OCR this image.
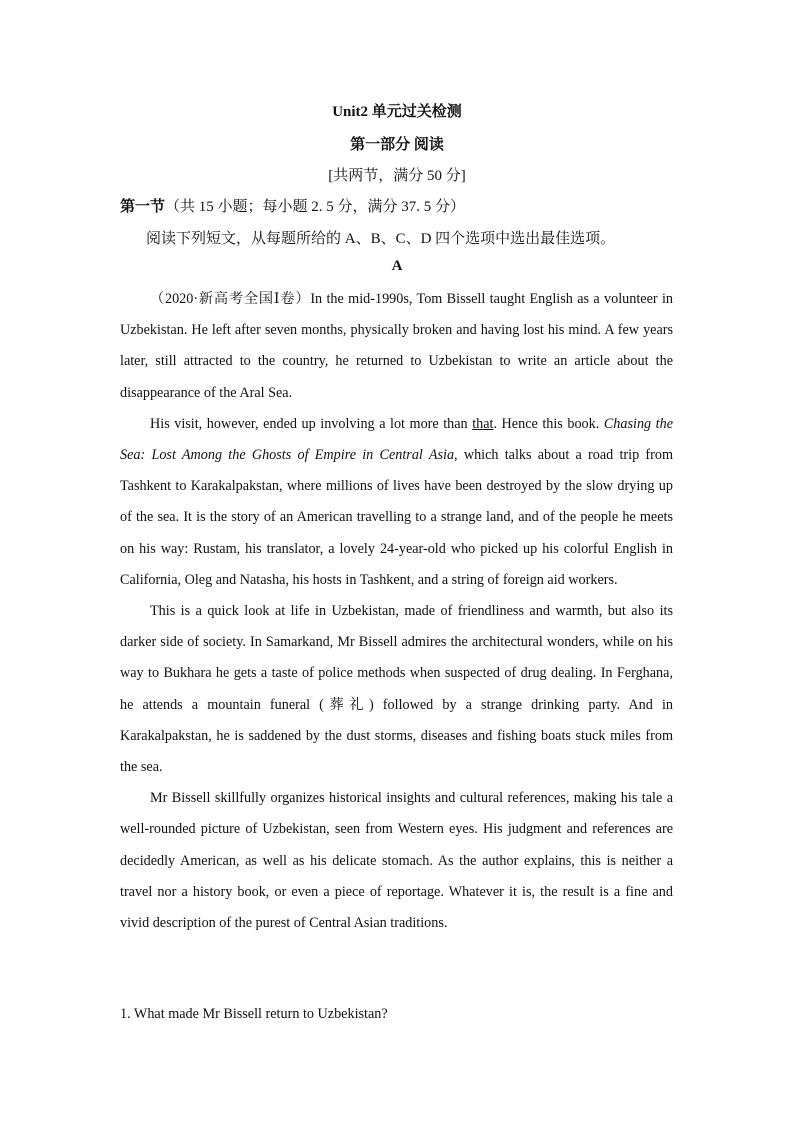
Unit2 单元过关检测
第一部分 阅读
[共两节，满分 50 分]
第一节（共 15 小题；每小题 2. 5 分，满分 37. 5 分）
阅读下列短文，从每题所给的 A、B、C、D 四个选项中选出最佳选项。
A

（2020·新高考全国Ⅰ卷）In the mid-1990s, Tom Bissell taught English as a volunteer in Uzbekistan. He left after seven months, physically broken and having lost his mind. A few years later, still attracted to the country, he returned to Uzbekistan to write an article about the disappearance of the Aral Sea.

His visit, however, ended up involving a lot more than that. Hence this book. Chasing the Sea: Lost Among the Ghosts of Empire in Central Asia, which talks about a road trip from Tashkent to Karakalpakstan, where millions of lives have been destroyed by the slow drying up of the sea. It is the story of an American travelling to a strange land, and of the people he meets on his way: Rustam, his translator, a lovely 24-year-old who picked up his colorful English in California, Oleg and Natasha, his hosts in Tashkent, and a string of foreign aid workers.

This is a quick look at life in Uzbekistan, made of friendliness and warmth, but also its darker side of society. In Samarkand, Mr Bissell admires the architectural wonders, while on his way to Bukhara he gets a taste of police methods when suspected of drug dealing. In Ferghana, he attends a mountain funeral (葬礼) followed by a strange drinking party. And in Karakalpakstan, he is saddened by the dust storms, diseases and fishing boats stuck miles from the sea.

Mr Bissell skillfully organizes historical insights and cultural references, making his tale a well-rounded picture of Uzbekistan, seen from Western eyes. His judgment and references are decidedly American, as well as his delicate stomach. As the author explains, this is neither a travel nor a history book, or even a piece of reportage. Whatever it is, the result is a fine and vivid description of the purest of Central Asian traditions.

1. What made Mr Bissell return to Uzbekistan?
